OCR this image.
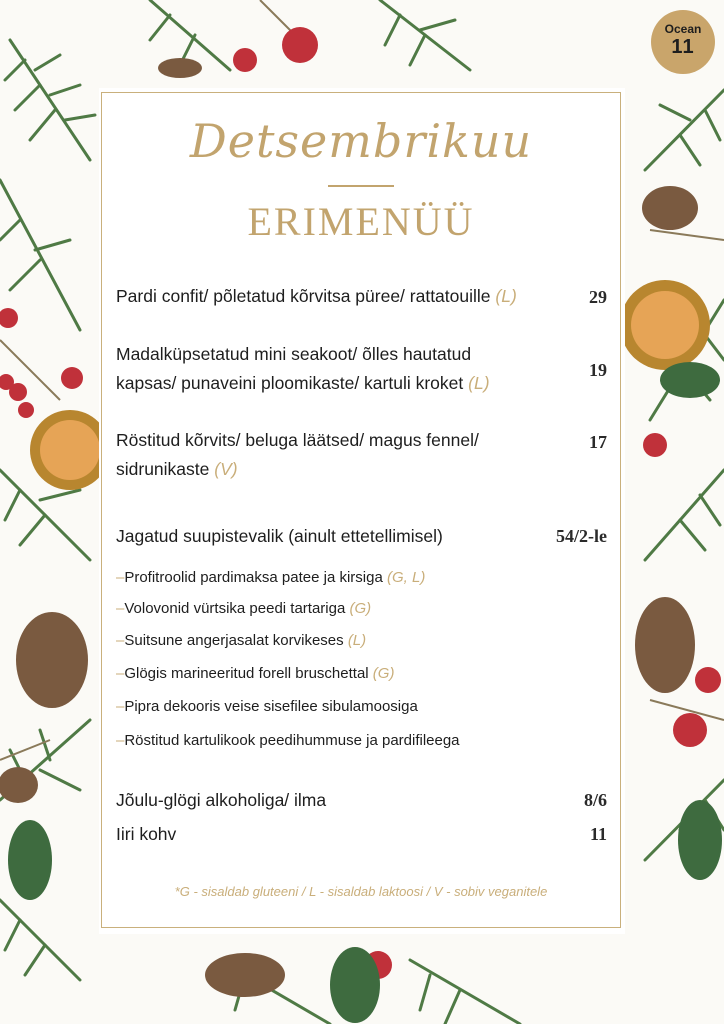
Ocean
11
Detsembrikuu
ERIMENÜÜ
Pardi confit/ põletatud kõrvitsa püree/ rattatouille (L)	29
Madalküpsetatud mini seakoot/ õlles hautatud
kapsas/ punaveini ploomikaste/ kartuli kroket (L)
19
Röstitud kõrvits/ beluga läätsed/ magus fennel/
sidrunikaste (V)
17
Jagatud suupistevalik (ainult ettetellimisel)	54/2-le
–Profitroolid pardimaksa patee ja kirsiga (G, L)
–Volovonid vürtsika peedi tartariga (G)
–Suitsune angerjasalat korvikeses (L)
–Glögis marineeritud forell bruschettal (G)
–Pipra dekooris veise sisefilee sibulamoosiga
–Röstitud kartulikook peedihummuse ja pardifileega
Jõulu-glögi alkoholiga/ ilma	8/6
Iiri kohv	11
*G - sisaldab gluteeni / L - sisaldab laktoosi / V - sobiv veganitele
